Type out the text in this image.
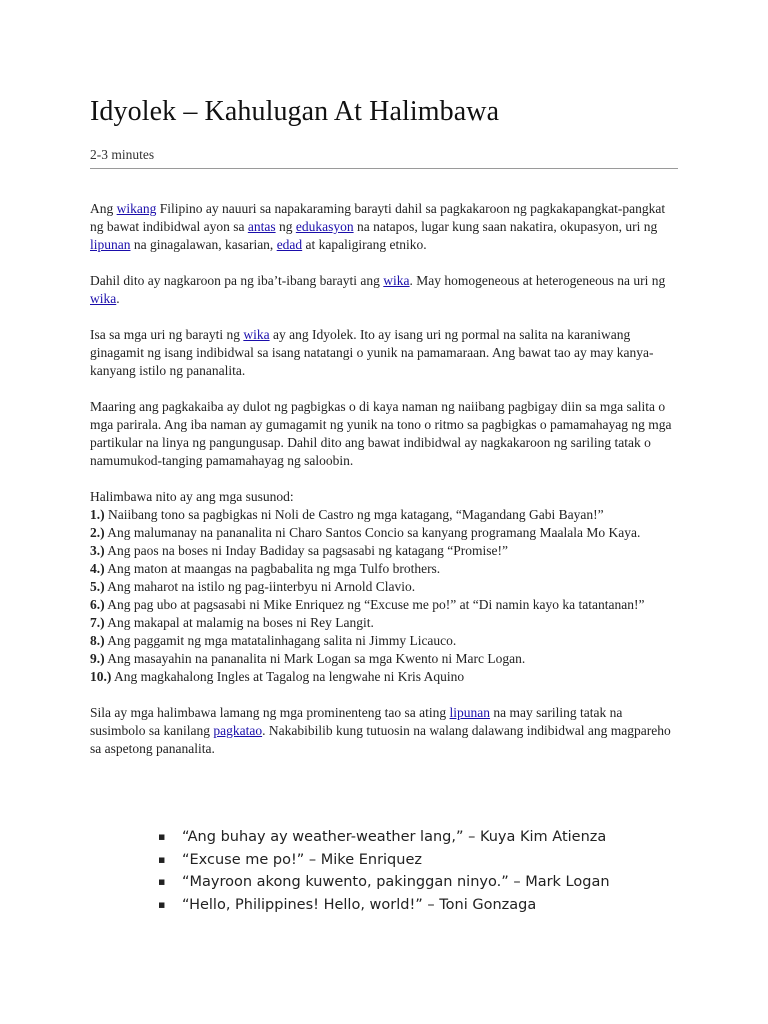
Idyolek – Kahulugan At Halimbawa
2-3 minutes

Ang wikang Filipino ay nauuri sa napakaraming barayti dahil sa pagkakaroon ng pagkakapangkat-pangkat ng bawat indibidwal ayon sa antas ng edukasyon na natapos, lugar kung saan nakatira, okupasyon, uri ng lipunan na ginagalawan, kasarian, edad at kapaligirang etniko.

Dahil dito ay nagkaroon pa ng iba’t-ibang barayti ang wika. May homogeneous at heterogeneous na uri ng wika.

Isa sa mga uri ng barayti ng wika ay ang Idyolek. Ito ay isang uri ng pormal na salita na karaniwang ginagamit ng isang indibidwal sa isang natatangi o yunik na pamamaraan. Ang bawat tao ay may kanya-kanyang istilo ng pananalita.

Maaring ang pagkakaiba ay dulot ng pagbigkas o di kaya naman ng naiibang pagbigay diin sa mga salita o mga parirala. Ang iba naman ay gumagamit ng yunik na tono o ritmo sa pagbigkas o pamamahayag ng mga partikular na linya ng pangungusap. Dahil dito ang bawat indibidwal ay nagkakaroon ng sariling tatak o namumukod-tanging pamamahayag ng saloobin.

Halimbawa nito ay ang mga susunod:

1.) Naiibang tono sa pagbigkas ni Noli de Castro ng mga katagang, “Magandang Gabi Bayan!”
2.) Ang malumanay na pananalita ni Charo Santos Concio sa kanyang programang Maalala Mo Kaya.
3.) Ang paos na boses ni Inday Badiday sa pagsasabi ng katagang “Promise!”
4.) Ang maton at maangas na pagbabalita ng mga Tulfo brothers.
5.) Ang maharot na istilo ng pag-iinterbyu ni Arnold Clavio.
6.) Ang pag ubo at pagsasabi ni Mike Enriquez ng “Excuse me po!” at “Di namin kayo ka tatantanan!”
7.) Ang makapal at malamig na boses ni Rey Langit.
8.) Ang paggamit ng mga matatalinhagang salita ni Jimmy Licauco.
9.) Ang masayahin na pananalita ni Mark Logan sa mga Kwento ni Marc Logan.
10.) Ang magkahalong Ingles at Tagalog na lengwahe ni Kris Aquino

Sila ay mga halimbawa lamang ng mga prominenteng tao sa ating lipunan na may sariling tatak na susimbolo sa kanilang pagkatao. Nakabibilib kung tutuosin na walang dalawang indibidwal ang magpareho sa aspetong pananalita.

▪ “Ang buhay ay weather-weather lang,” – Kuya Kim Atienza
▪ “Excuse me po!” – Mike Enriquez
▪ “Mayroon akong kuwento, pakinggan ninyo.” – Mark Logan
▪ “Hello, Philippines! Hello, world!” – Toni Gonzaga
